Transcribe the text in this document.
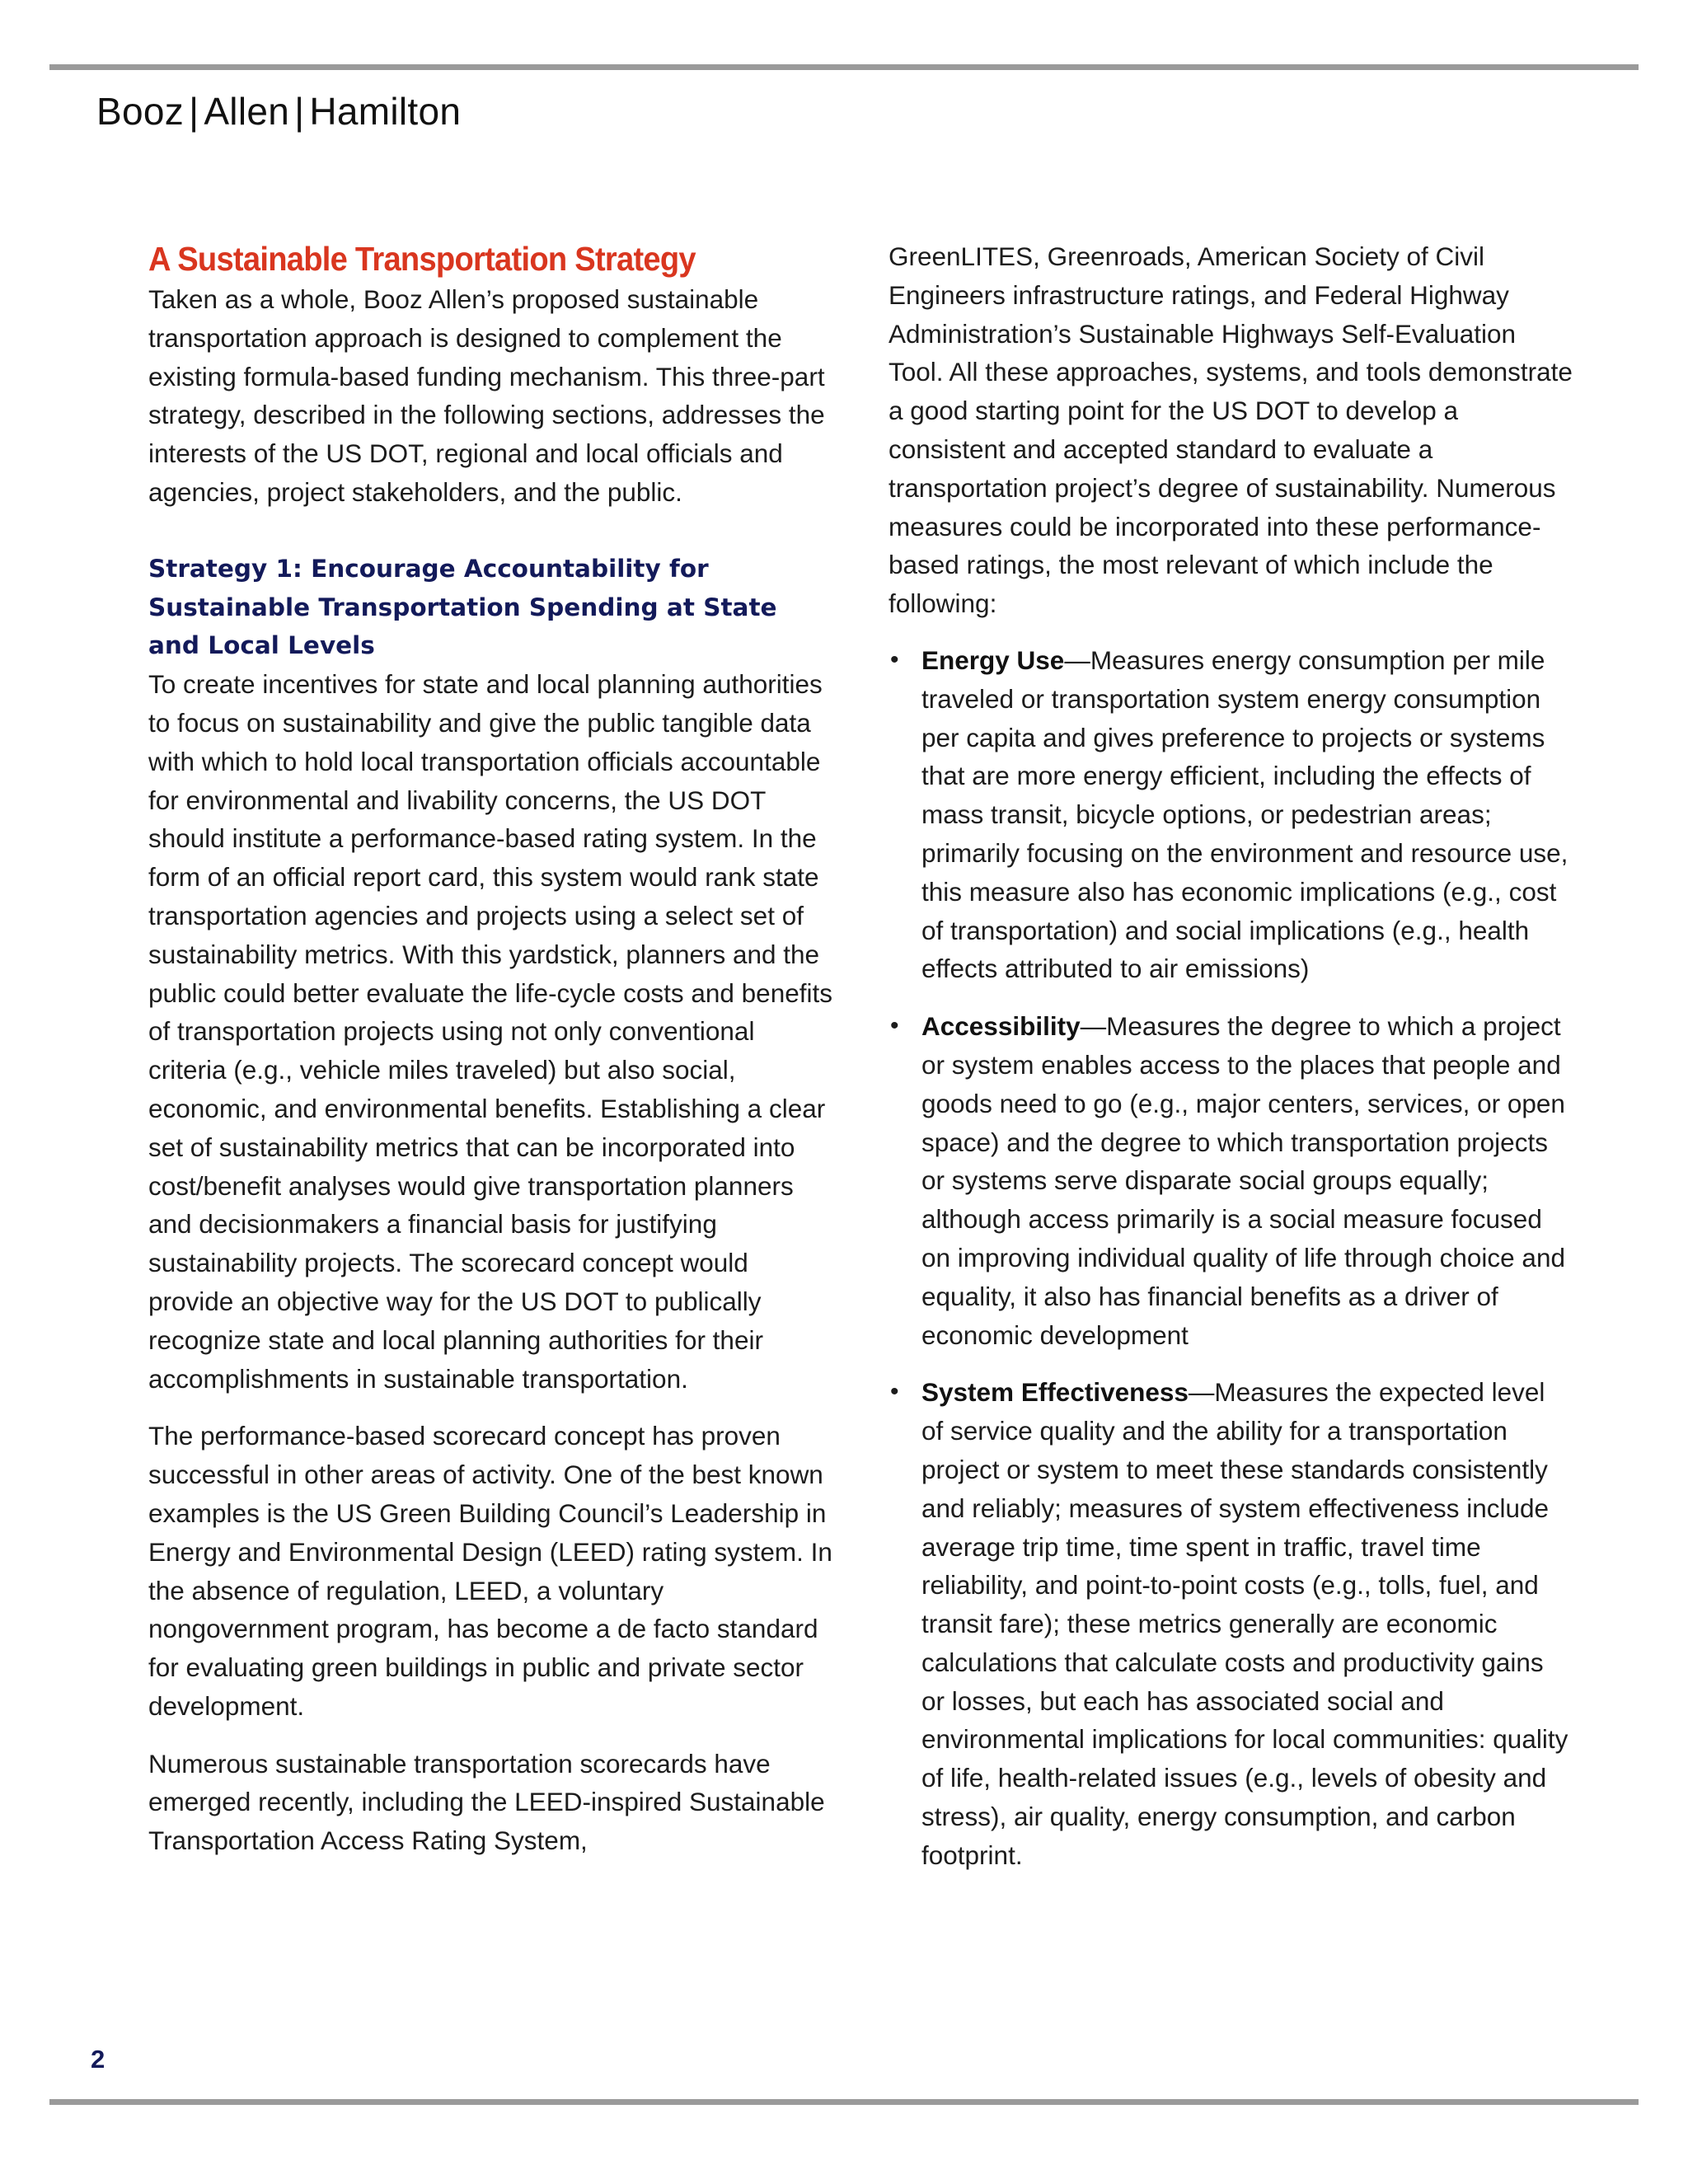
Booz | Allen | Hamilton
A Sustainable Transportation Strategy

Taken as a whole, Booz Allen’s proposed sustainable transportation approach is designed to complement the existing formula-based funding mechanism. This three-part strategy, described in the following sections, addresses the interests of the US DOT, regional and local officials and agencies, project stakeholders, and the public.

Strategy 1: Encourage Accountability for Sustainable Transportation Spending at State and Local Levels

To create incentives for state and local planning authorities to focus on sustainability and give the public tangible data with which to hold local transportation officials accountable for environmental and livability concerns, the US DOT should institute a performance-based rating system. In the form of an official report card, this system would rank state transportation agencies and projects using a select set of sustainability metrics. With this yardstick, planners and the public could better evaluate the life-cycle costs and benefits of transportation projects using not only conventional criteria (e.g., vehicle miles traveled) but also social, economic, and environmental benefits. Establishing a clear set of sustainability metrics that can be incorporated into cost/benefit analyses would give transportation planners and decisionmakers a financial basis for justifying sustainability projects. The scorecard concept would provide an objective way for the US DOT to publically recognize state and local planning authorities for their accomplishments in sustainable transportation.

The performance-based scorecard concept has proven successful in other areas of activity. One of the best known examples is the US Green Building Council’s Leadership in Energy and Environmental Design (LEED) rating system. In the absence of regulation, LEED, a voluntary nongovernment program, has become a de facto standard for evaluating green buildings in public and private sector development.

Numerous sustainable transportation scorecards have emerged recently, including the LEED-inspired Sustainable Transportation Access Rating System,

GreenLITES, Greenroads, American Society of Civil Engineers infrastructure ratings, and Federal Highway Administration’s Sustainable Highways Self-Evaluation Tool. All these approaches, systems, and tools demonstrate a good starting point for the US DOT to develop a consistent and accepted standard to evaluate a transportation project’s degree of sustainability. Numerous measures could be incorporated into these performance-based ratings, the most relevant of which include the following:

• Energy Use—Measures energy consumption per mile traveled or transportation system energy consumption per capita and gives preference to projects or systems that are more energy efficient, including the effects of mass transit, bicycle options, or pedestrian areas; primarily focusing on the environment and resource use, this measure also has economic implications (e.g., cost of transportation) and social implications (e.g., health effects attributed to air emissions)
• Accessibility—Measures the degree to which a project or system enables access to the places that people and goods need to go (e.g., major centers, services, or open space) and the degree to which transportation projects or systems serve disparate social groups equally; although access primarily is a social measure focused on improving individual quality of life through choice and equality, it also has financial benefits as a driver of economic development
• System Effectiveness—Measures the expected level of service quality and the ability for a transportation project or system to meet these standards consistently and reliably; measures of system effectiveness include average trip time, time spent in traffic, travel time reliability, and point-to-point costs (e.g., tolls, fuel, and transit fare); these metrics generally are economic calculations that calculate costs and productivity gains or losses, but each has associated social and environmental implications for local communities: quality of life, health-related issues (e.g., levels of obesity and stress), air quality, energy consumption, and carbon footprint.
2
